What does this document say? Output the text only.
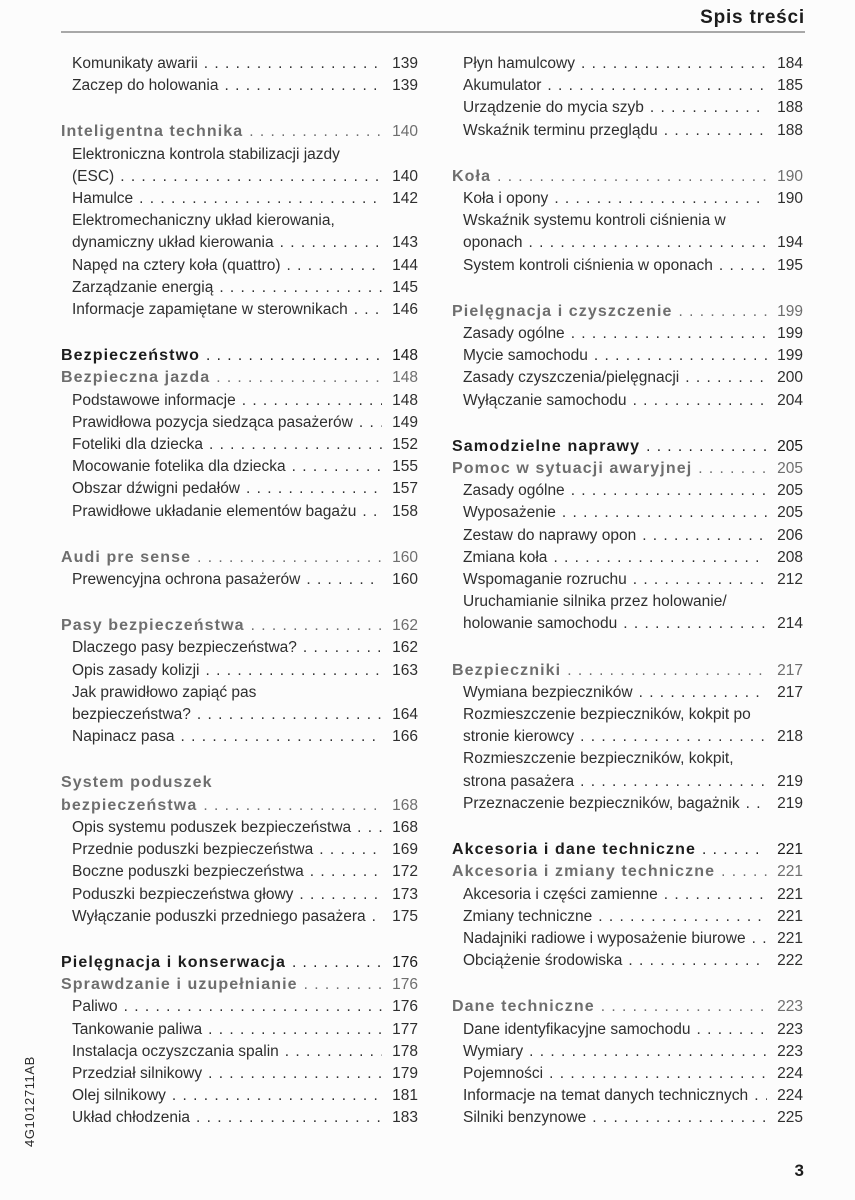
Spis treści
Komunikaty awarii . . .	139
Zaczep do holowania . . .	139
Inteligentna technika . . .	140
Elektroniczna kontrola stabilizacji jazdy
(ESC) . . .	140
Hamulce . . .	142
Elektromechaniczny układ kierowania,
dynamiczny układ kierowania . . .	143
Napęd na cztery koła (quattro) . . .	144
Zarządzanie energią . . .	145
Informacje zapamiętane w sterownikach . . .	146
Bezpieczeństwo . . .	148
Bezpieczna jazda . . .	148
Podstawowe informacje . . .	148
Prawidłowa pozycja siedząca pasażerów . . .	149
Foteliki dla dziecka . . .	152
Mocowanie fotelika dla dziecka . . .	155
Obszar dźwigni pedałów . . .	157
Prawidłowe układanie elementów bagażu . . .	158
Audi pre sense . . .	160
Prewencyjna ochrona pasażerów . . .	160
Pasy bezpieczeństwa . . .	162
Dlaczego pasy bezpieczeństwa? . . .	162
Opis zasady kolizji . . .	163
Jak prawidłowo zapiąć pas
bezpieczeństwa? . . .	164
Napinacz pasa . . .	166
System poduszek
bezpieczeństwa . . .	168
Opis systemu poduszek bezpieczeństwa . . .	168
Przednie poduszki bezpieczeństwa . . .	169
Boczne poduszki bezpieczeństwa . . .	172
Poduszki bezpieczeństwa głowy . . .	173
Wyłączanie poduszki przedniego pasażera . . .	175
Pielęgnacja i konserwacja . . .	176
Sprawdzanie i uzupełnianie . . .	176
Paliwo . . .	176
Tankowanie paliwa . . .	177
Instalacja oczyszczania spalin . . .	178
Przedział silnikowy . . .	179
Olej silnikowy . . .	181
Układ chłodzenia . . .	183
Płyn hamulcowy . . .	184
Akumulator . . .	185
Urządzenie do mycia szyb . . .	188
Wskaźnik terminu przeglądu . . .	188
Koła . . .	190
Koła i opony . . .	190
Wskaźnik systemu kontroli ciśnienia w
oponach . . .	194
System kontroli ciśnienia w oponach . . .	195
Pielęgnacja i czyszczenie . . .	199
Zasady ogólne . . .	199
Mycie samochodu . . .	199
Zasady czyszczenia/pielęgnacji . . .	200
Wyłączanie samochodu . . .	204
Samodzielne naprawy . . .	205
Pomoc w sytuacji awaryjnej . . .	205
Zasady ogólne . . .	205
Wyposażenie . . .	205
Zestaw do naprawy opon . . .	206
Zmiana koła . . .	208
Wspomaganie rozruchu . . .	212
Uruchamianie silnika przez holowanie/
holowanie samochodu . . .	214
Bezpieczniki . . .	217
Wymiana bezpieczników . . .	217
Rozmieszczenie bezpieczników, kokpit po
stronie kierowcy . . .	218
Rozmieszczenie bezpieczników, kokpit,
strona pasażera . . .	219
Przeznaczenie bezpieczników, bagażnik . . .	219
Akcesoria i dane techniczne . . .	221
Akcesoria i zmiany techniczne . . .	221
Akcesoria i części zamienne . . .	221
Zmiany techniczne . . .	221
Nadajniki radiowe i wyposażenie biurowe . . .	221
Obciążenie środowiska . . .	222
Dane techniczne . . .	223
Dane identyfikacyjne samochodu . . .	223
Wymiary . . .	223
Pojemności . . .	224
Informacje na temat danych technicznych . . .	224
Silniki benzynowe . . .	225
4G1012711AB
3
